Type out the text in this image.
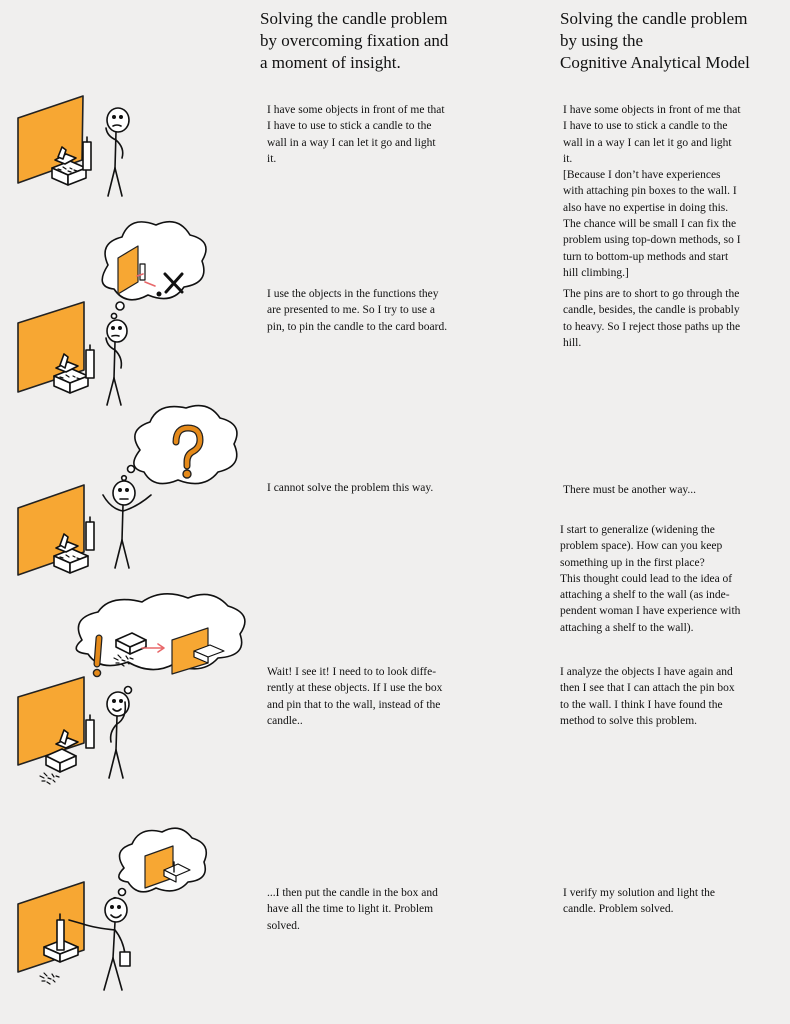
Solving the candle problem
by overcoming fixation and
a moment of insight.
Solving the candle problem
by using the
Cognitive Analytical Model

I have some objects in front of me that

I have to use to stick a candle to the

wall in a way I can let it go and light

it.

I have some objects in front of me that

I have to use to stick a candle to the

wall in a way I can let it go and light

it.

[Because I don’t have experiences

with attaching pin boxes to the wall. I

also have no expertise in doing this.

The chance will be small I can fix the

problem using top-down methods, so I

turn to bottom-up methods and start

hill climbing.]

I use the objects in the functions they

are presented to me. So I try to use a

pin, to pin the candle to the card board.

The pins are to short to go through the

candle, besides, the candle is probably

to heavy. So I reject those paths up the

hill.

I cannot solve the problem this way.	There must be another way...

I start to generalize (widening the

problem space). How can you keep

something up in the first place?

This thought could lead to the idea of

attaching a shelf to the wall (as inde-

pendent woman I have experience with

attaching a shelf to the wall).

Wait! I see it! I need to to look diffe-

rently at these objects. If I use the box

and pin that to the wall, instead of the

candle..

I analyze the objects I have again and

then I see that I can attach the pin box

to the wall. I think I have found the

method to solve this problem.

...I then put the candle in the box and

have all the time to light it. Problem

solved.

I verify my solution and light the

candle. Problem solved.
